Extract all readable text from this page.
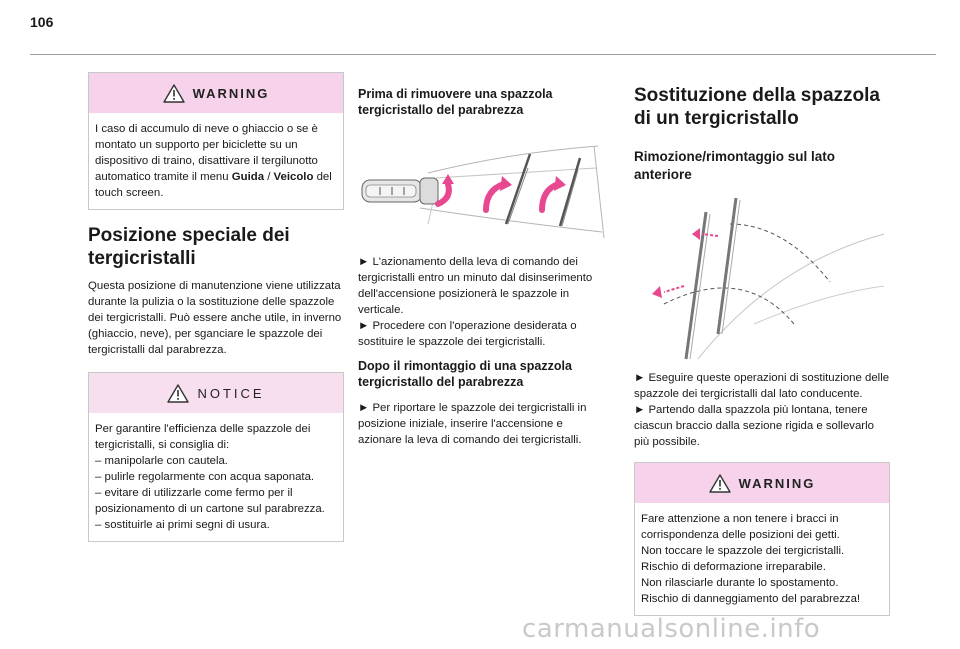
106
WARNING

I caso di accumulo di neve o ghiaccio o se è montato un supporto per biciclette su un dispositivo di traino, disattivare il tergilunotto automatico tramite il menu Guida / Veicolo del touch screen.

Posizione speciale dei tergicristalli

Questa posizione di manutenzione viene utilizzata durante la pulizia o la sostituzione delle spazzole dei tergicristalli. Può essere anche utile, in inverno (ghiaccio, neve), per sganciare le spazzole dei tergicristalli dal parabrezza.

NOTICE

Per garantire l'efficienza delle spazzole dei tergicristalli, si consiglia di:

– manipolarle con cautela.

– pulirle regolarmente con acqua saponata.

– evitare di utilizzarle come fermo per il posizionamento di un cartone sul parabrezza.

– sostituirle ai primi segni di usura.

Prima di rimuovere una spazzola tergicristallo del parabrezza

► L'azionamento della leva di comando dei tergicristalli entro un minuto dal disinserimento dell'accensione posizionerà le spazzole in verticale.

► Procedere con l'operazione desiderata o sostituire le spazzole dei tergicristalli.

Dopo il rimontaggio di una spazzola tergicristallo del parabrezza

► Per riportare le spazzole dei tergicristalli in posizione iniziale, inserire l'accensione e azionare la leva di comando dei tergicristalli.

Sostituzione della spazzola di un tergicristallo
Rimozione/rimontaggio sul lato anteriore

► Eseguire queste operazioni di sostituzione delle spazzole dei tergicristalli dal lato conducente.

► Partendo dalla spazzola più lontana, tenere ciascun braccio dalla sezione rigida e sollevarlo più possibile.

WARNING

Fare attenzione a non tenere i bracci in corrispondenza delle posizioni dei getti.

Non toccare le spazzole dei tergicristalli.

Rischio di deformazione irreparabile.

Non rilasciarle durante lo spostamento.

Rischio di danneggiamento del parabrezza!

carmanualsonline.info
